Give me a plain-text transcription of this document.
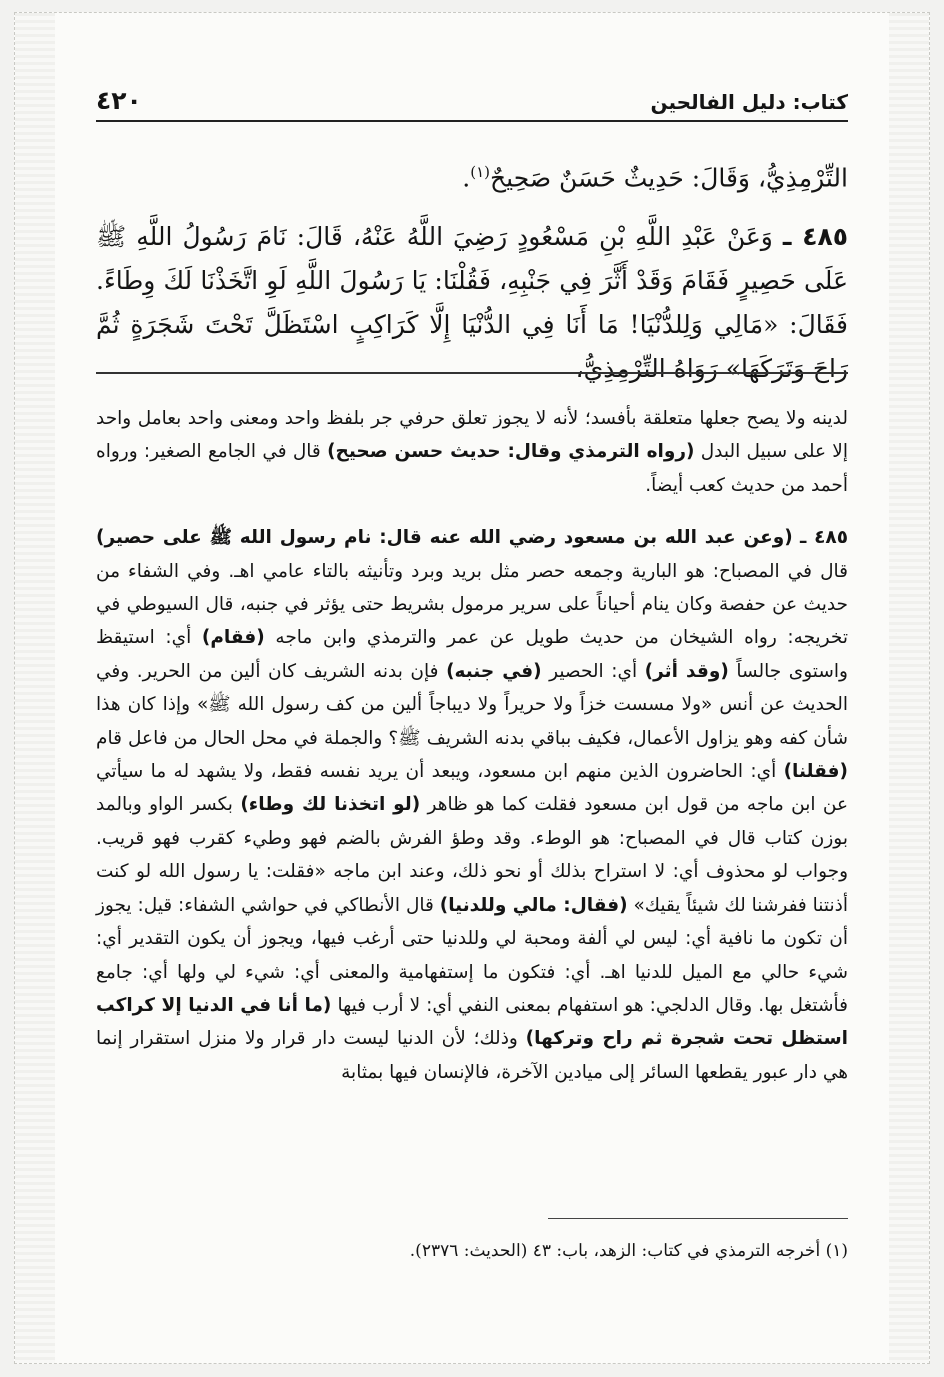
كتاب: دليل الفالحين
٤٢٠

التِّرْمِذِيُّ، وَقَالَ: حَدِيثٌ حَسَنٌ صَحِيحٌ$^{(١)}$.

٤٨٥ ـ وَعَنْ عَبْدِ اللَّهِ بْنِ مَسْعُودٍ رَضِيَ اللَّهُ عَنْهُ، قَالَ: نَامَ رَسُولُ اللَّهِ ﷺ عَلَى حَصِيرٍ فَقَامَ وَقَدْ أَثَّرَ فِي جَنْبِهِ، فَقُلْنَا: يَا رَسُولَ اللَّهِ لَوِ اتَّخَذْنَا لَكَ وِطَاءً. فَقَالَ: «مَالِي وَلِلدُّنْيَا! مَا أَنَا فِي الدُّنْيَا إِلَّا كَرَاكِبٍ اسْتَظَلَّ تَحْتَ شَجَرَةٍ ثُمَّ رَاحَ وَتَرَكَهَا» رَوَاهُ التِّرْمِذِيُّ،

لدينه ولا يصح جعلها متعلقة بأفسد؛ لأنه لا يجوز تعلق حرفي جر بلفظ واحد ومعنى واحد بعامل واحد إلا على سبيل البدل (رواه الترمذي وقال: حديث حسن صحيح) قال في الجامع الصغير: ورواه أحمد من حديث كعب أيضاً.

٤٨٥ ـ (وعن عبد الله بن مسعود رضي الله عنه قال: نام رسول الله ﷺ على حصير) قال في المصباح: هو البارية وجمعه حصر مثل بريد وبرد وتأنيثه بالتاء عامي اهـ. وفي الشفاء من حديث عن حفصة وكان ينام أحياناً على سرير مرمول بشريط حتى يؤثر في جنبه، قال السيوطي في تخريجه: رواه الشيخان من حديث طويل عن عمر والترمذي وابن ماجه (فقام) أي: استيقظ واستوى جالساً (وقد أثر) أي: الحصير (في جنبه) فإن بدنه الشريف كان ألين من الحرير. وفي الحديث عن أنس «ولا مسست خزاً ولا حريراً ولا ديباجاً ألين من كف رسول الله ﷺ» وإذا كان هذا شأن كفه وهو يزاول الأعمال، فكيف بباقي بدنه الشريف ﷺ؟ والجملة في محل الحال من فاعل قام (فقلنا) أي: الحاضرون الذين منهم ابن مسعود، ويبعد أن يريد نفسه فقط، ولا يشهد له ما سيأتي عن ابن ماجه من قول ابن مسعود فقلت كما هو ظاهر (لو اتخذنا لك وطاء) بكسر الواو وبالمد بوزن كتاب قال في المصباح: هو الوطء. وقد وطؤ الفرش بالضم فهو وطيء كقرب فهو قريب. وجواب لو محذوف أي: لا استراح بذلك أو نحو ذلك، وعند ابن ماجه «فقلت: يا رسول الله لو كنت أذنتنا ففرشنا لك شيئاً يقيك» (فقال: مالي وللدنيا) قال الأنطاكي في حواشي الشفاء: قيل: يجوز أن تكون ما نافية أي: ليس لي ألفة ومحبة لي وللدنيا حتى أرغب فيها، ويجوز أن يكون التقدير أي: شيء حالي مع الميل للدنيا اهـ. أي: فتكون ما إستفهامية والمعنى أي: شيء لي ولها أي: جامع فأشتغل بها. وقال الدلجي: هو استفهام بمعنى النفي أي: لا أرب فيها (ما أنا في الدنيا إلا كراكب استظل تحت شجرة ثم راح وتركها) وذلك؛ لأن الدنيا ليست دار قرار ولا منزل استقرار إنما هي دار عبور يقطعها السائر إلى ميادين الآخرة، فالإنسان فيها بمثابة

(١) أخرجه الترمذي في كتاب: الزهد، باب: ٤٣ (الحديث: ٢٣٧٦).
